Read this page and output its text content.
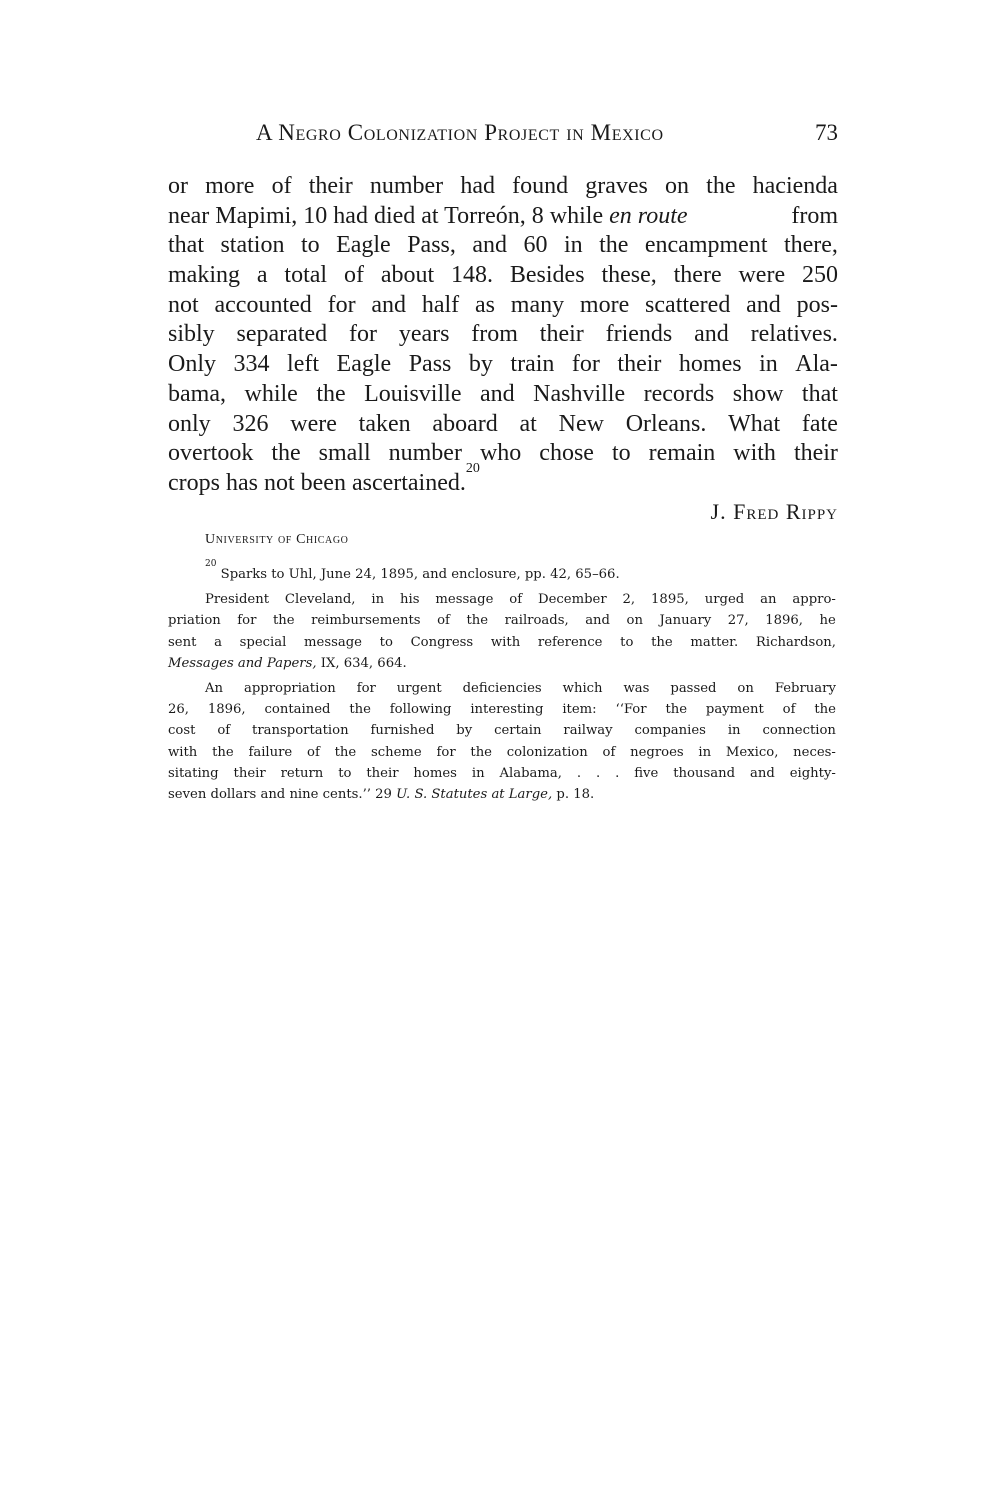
A Negro Colonization Project in Mexico	73
or more of their number had found graves on the hacienda
near Mapimi, 10 had died at Torreón, 8 while
en route
	from
that station to Eagle Pass, and 60 in the encampment there,
making a total of about 148. Besides these, there were 250
not accounted for and half as many more scattered and pos-
sibly separated for years from their friends and relatives.
Only 334 left Eagle Pass by train for their homes in Ala-
bama, while the Louisville and Nashville records show that
only 326 were taken aboard at New Orleans. What fate
overtook the small number who chose to remain with their
crops has not been ascertained.
20
J. Fred Rippy
University of Chicago
20

Sparks to Uhl, June 24, 1895, and enclosure, pp. 42, 65–66.
President Cleveland, in his message of December 2, 1895, urged an appro-
priation for the reimbursements of the railroads, and on January 27, 1896, he
sent a special message to Congress with reference to the matter. Richardson,
Messages and Papers,
IX, 634, 664.
An appropriation for urgent deficiencies which was passed on February
26, 1896, contained the following interesting item: ‘‘For the payment of the
cost of transportation furnished by certain railway companies in connection
with the failure of the scheme for the colonization of negroes in Mexico, neces-
sitating their return to their homes in Alabama, . . . five thousand and eighty-
seven dollars and nine cents.’’ 29
U. S. Statutes at Large,
p. 18.
